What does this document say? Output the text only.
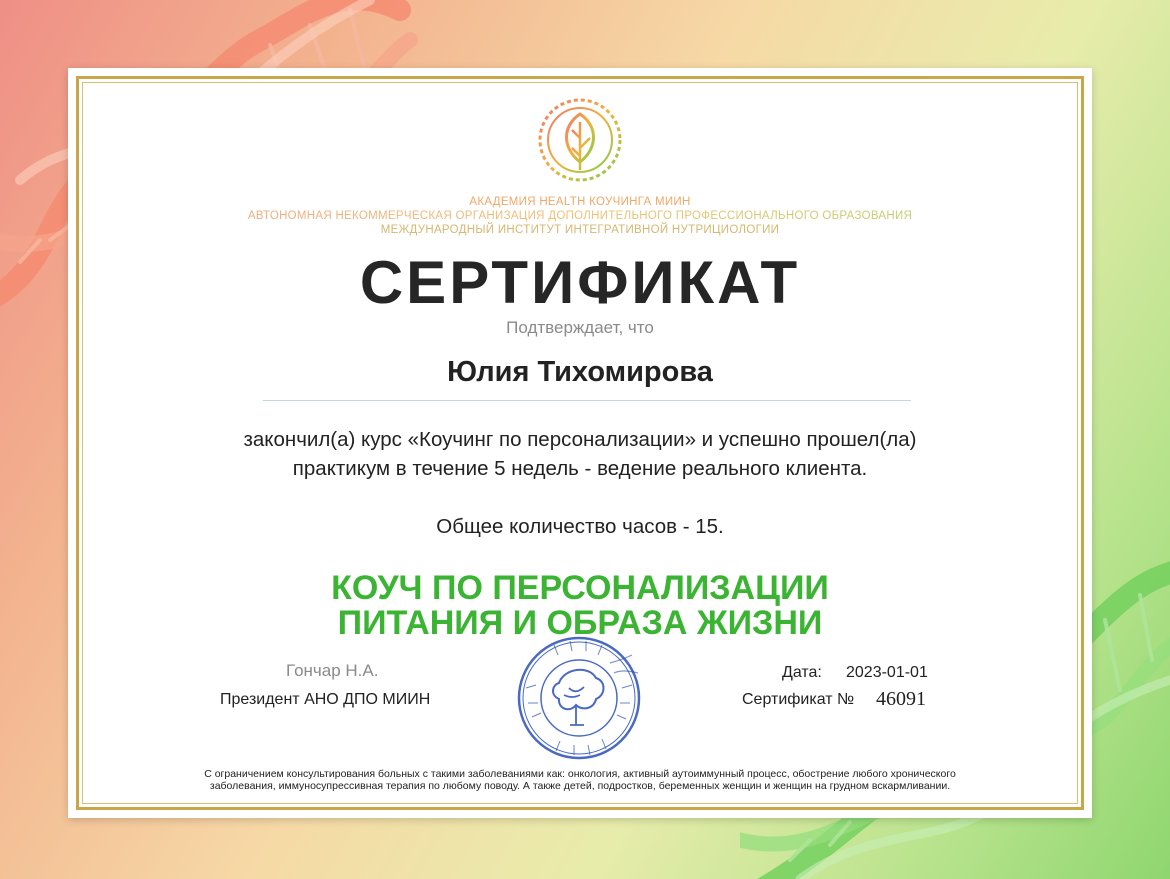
АКАДЕМИЯ HEALTH КОУЧИНГА МИИН
АВТОНОМНАЯ НЕКОММЕРЧЕСКАЯ ОРГАНИЗАЦИЯ ДОПОЛНИТЕЛЬНОГО ПРОФЕССИОНАЛЬНОГО ОБРАЗОВАНИЯ
МЕЖДУНАРОДНЫЙ ИНСТИТУТ ИНТЕГРАТИВНОЙ НУТРИЦИОЛОГИИ
СЕРТИФИКАТ
Подтверждает, что
Юлия Тихомирова
закончил(а) курс «Коучинг по персонализации» и успешно прошел(ла)
практикум в течение 5 недель - ведение реального клиента.
Общее количество часов - 15.
КОУЧ ПО ПЕРСОНАЛИЗАЦИИ
ПИТАНИЯ И ОБРАЗА ЖИЗНИ
Гончар Н.А.
Президент АНО ДПО МИИН
Дата: 2023-01-01
Сертификат № 46091
С ограничением консультирования больных с такими заболеваниями как: онкология, активный аутоиммунный процесс, обострение любого хронического
заболевания, иммуносупрессивная терапия по любому поводу. А также детей, подростков, беременных женщин и женщин на грудном вскармливании.
